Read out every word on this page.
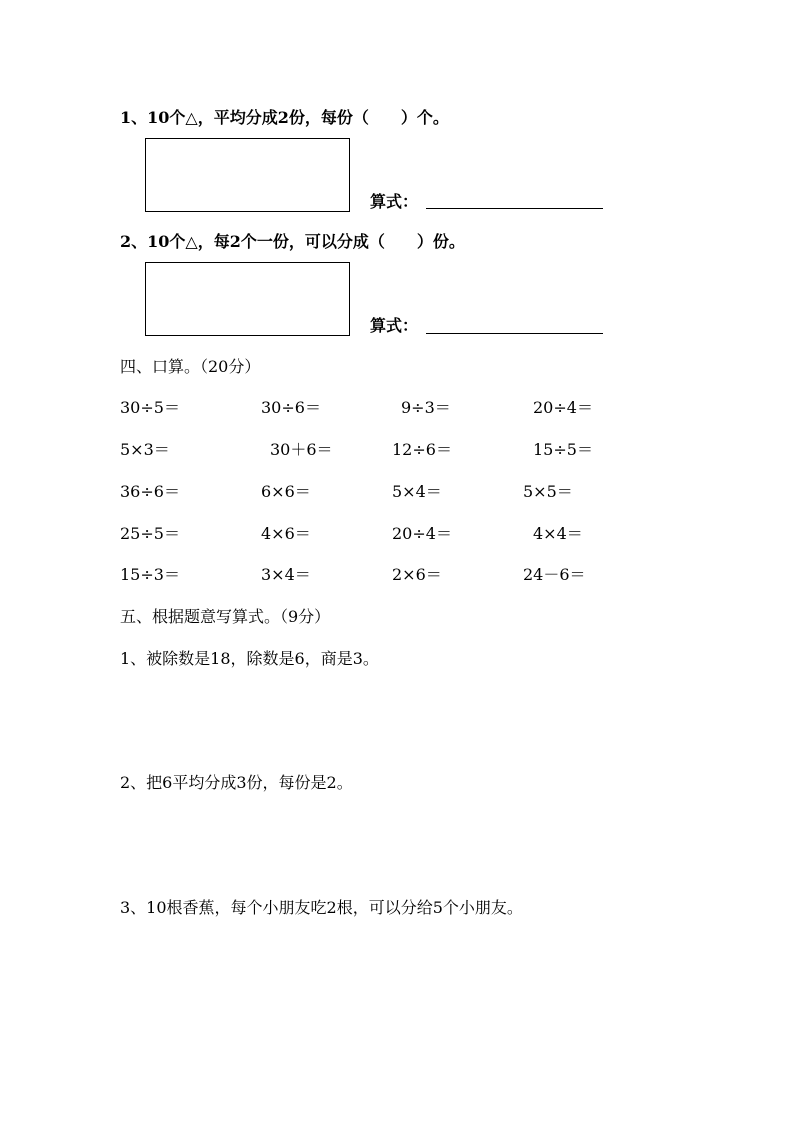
1、10个△，平均分成2份，每份（　　）个。
算式：
2、10个△，每2个一份，可以分成（　　）份。
算式：
四、口算。（20分）
30÷5＝	30÷6＝	9÷3＝	20÷4＝
5×3＝	30＋6＝	12÷6＝	15÷5＝
36÷6＝	6×6＝	5×4＝	5×5＝
25÷5＝	4×6＝	20÷4＝	4×4＝
15÷3＝	3×4＝	2×6＝	24－6＝
五、根据题意写算式。（9分）
1、被除数是18，除数是6，商是3。
2、把6平均分成3份，每份是2。
3、10根香蕉，每个小朋友吃2根，可以分给5个小朋友。
